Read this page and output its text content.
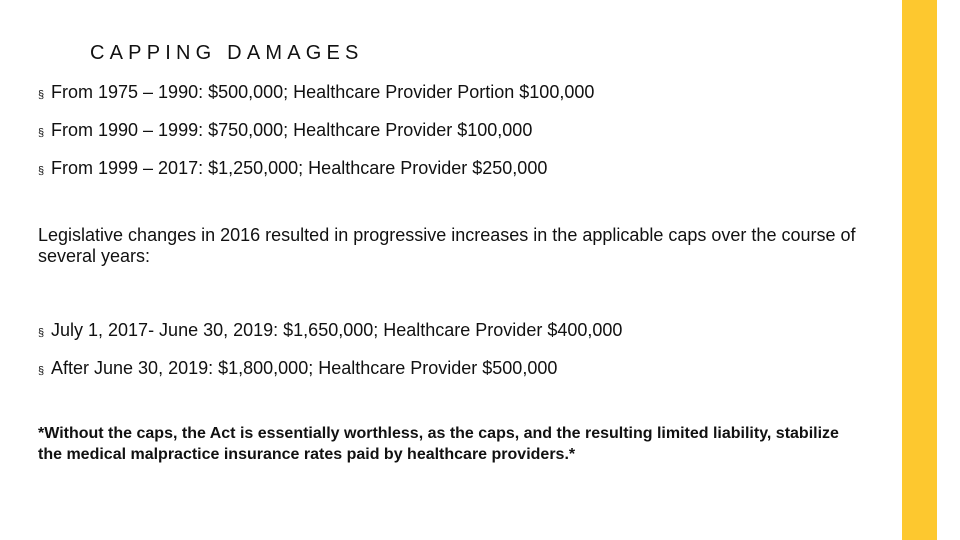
CAPPING DAMAGES
§ From 1975 – 1990: $500,000; Healthcare Provider Portion $100,000
§ From 1990 – 1999: $750,000; Healthcare Provider $100,000
§ From 1999 – 2017: $1,250,000; Healthcare Provider $250,000

Legislative changes in 2016 resulted in progressive increases in the applicable caps over the course of several years:

§ July 1, 2017- June 30, 2019: $1,650,000; Healthcare Provider $400,000
§ After June 30, 2019: $1,800,000; Healthcare Provider $500,000

*Without the caps, the Act is essentially worthless, as the caps, and the resulting limited liability, stabilize the medical malpractice insurance rates paid by healthcare providers.*
